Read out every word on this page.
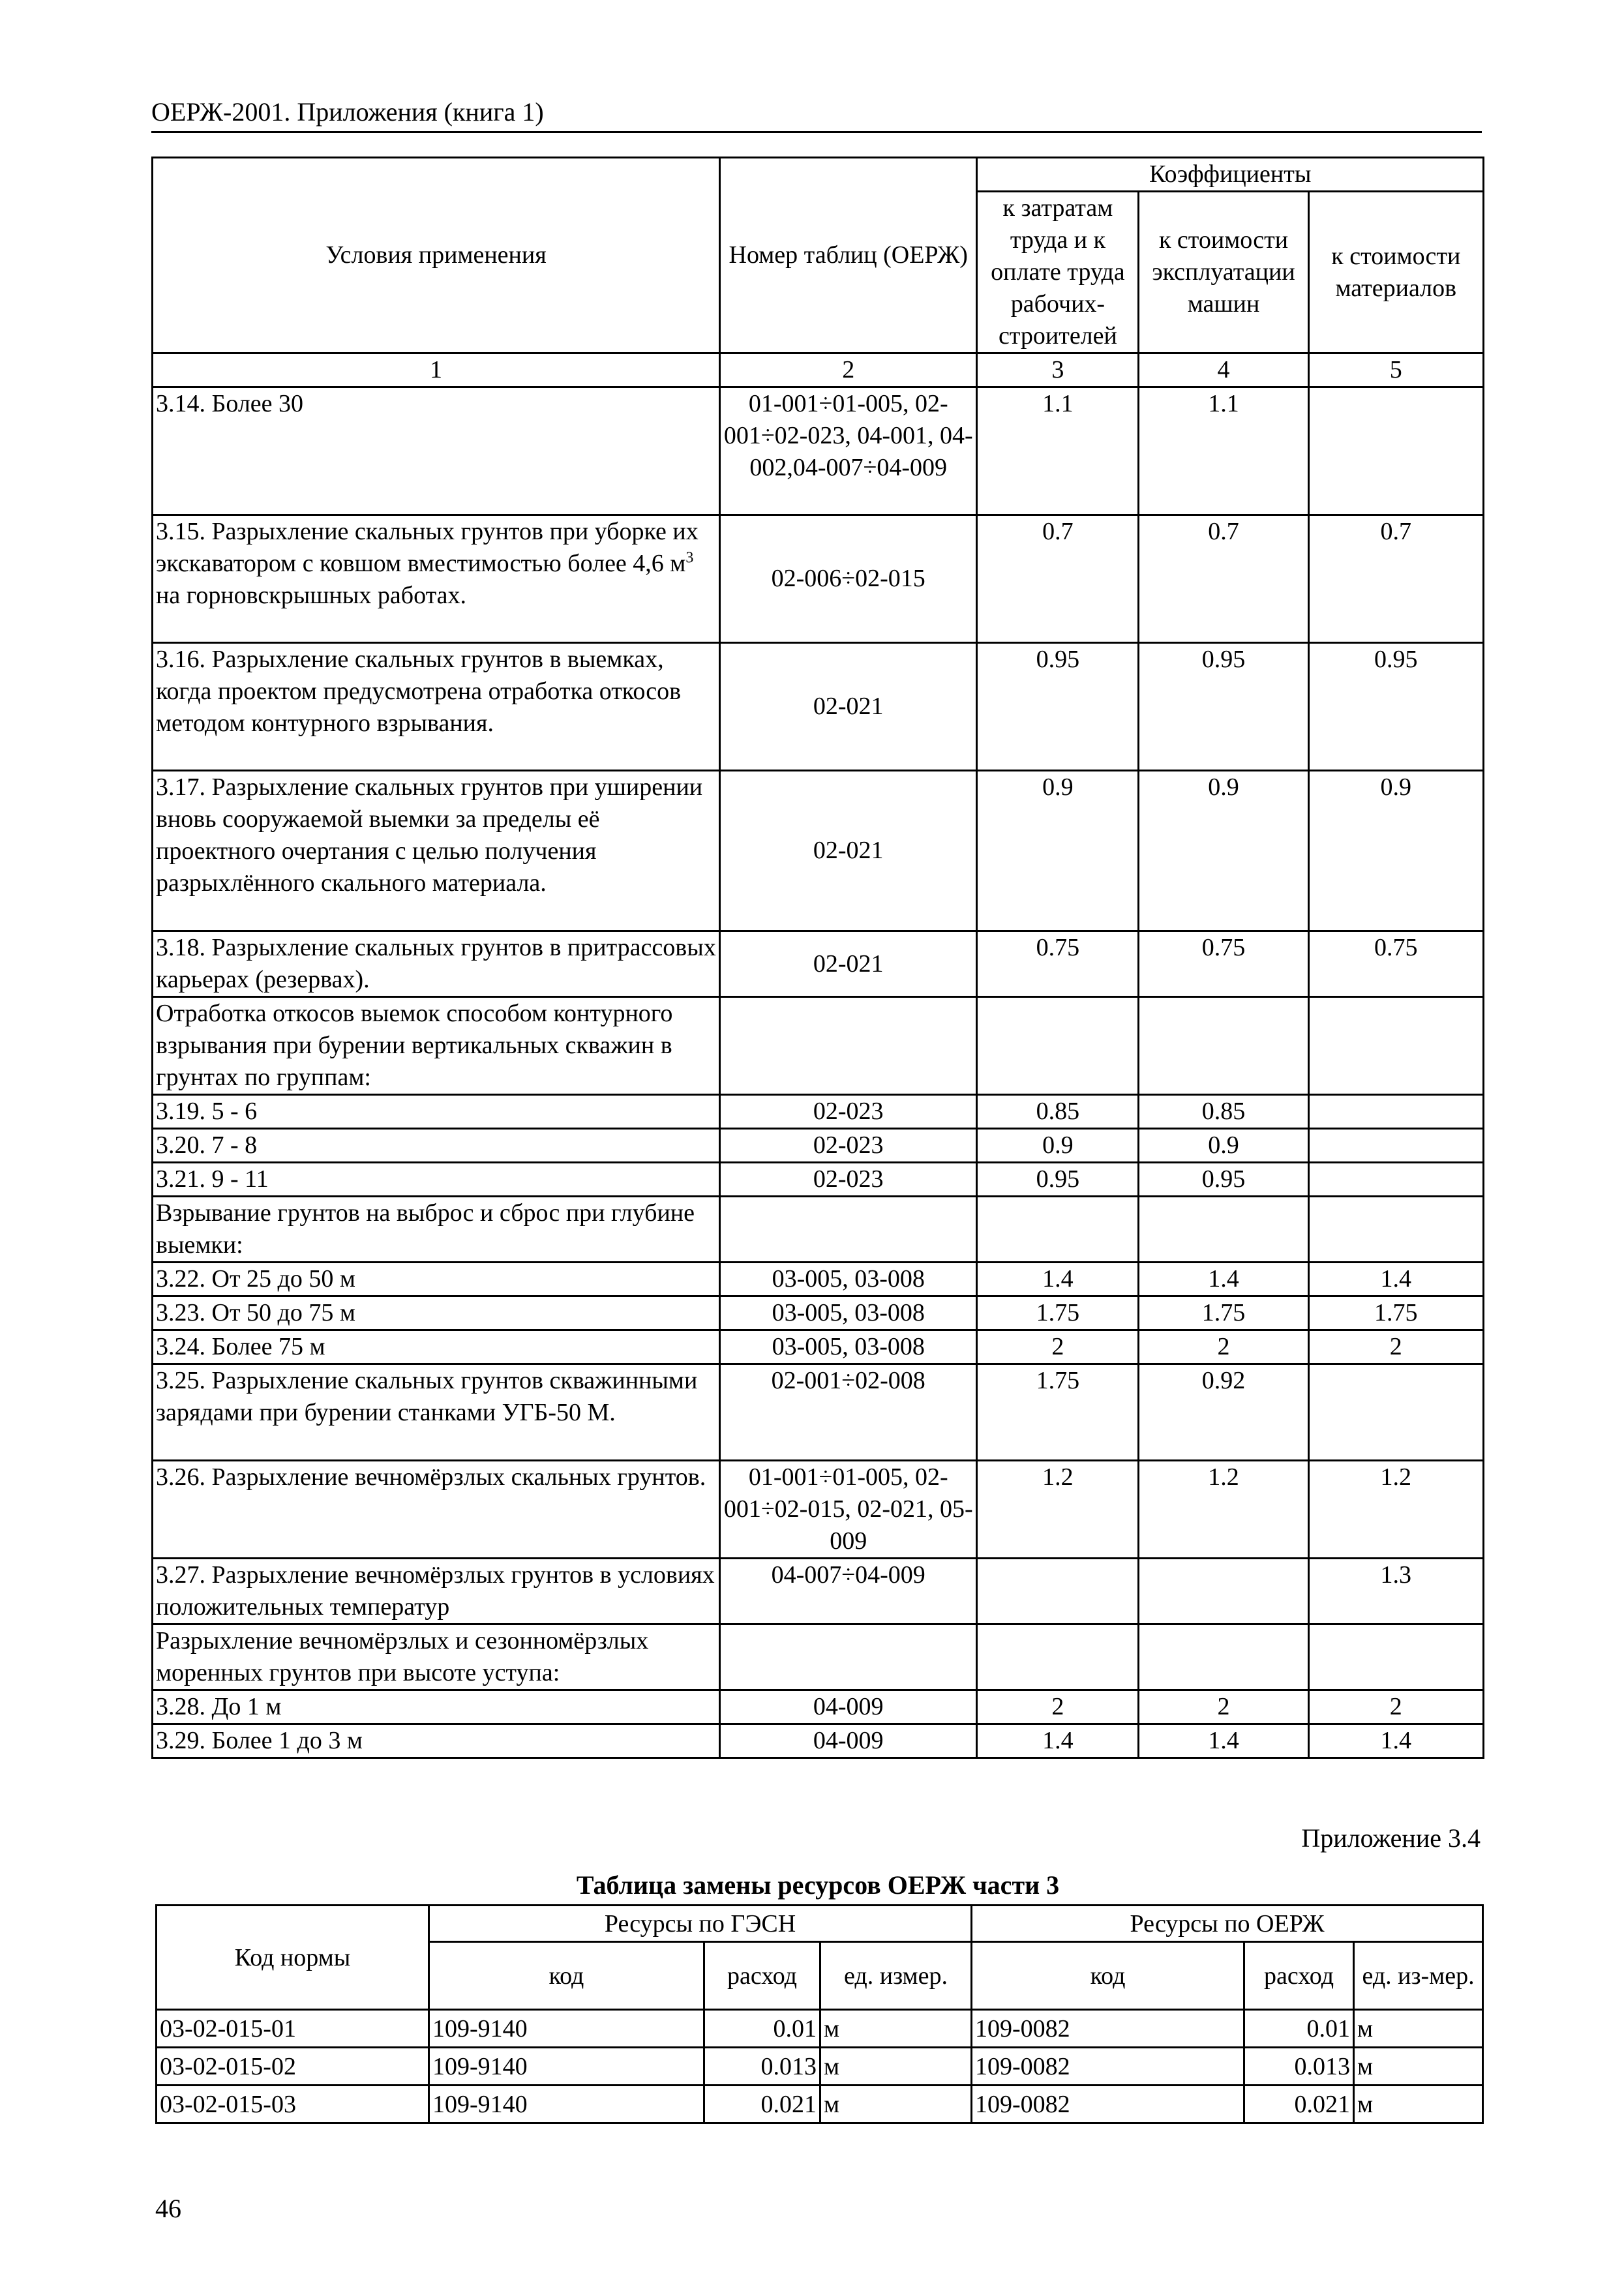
ОЕРЖ-2001. Приложения (книга 1)
Условия применения	Номер таблиц (ОЕРЖ)	Коэффициенты		
		к затратам труда и к оплате труда рабочих-строителей	к стоимости эксплуатации машин	к стоимости материалов
1	2	3	4	5
3.14. Более 30	01-001÷01-005, 02-001÷02-023, 04-001, 04-002,04-007÷04-009	1.1	1.1	
3.15. Разрыхление скальных грунтов при уборке их экскаватором с ковшом вместимостью более 4,6 $м^3$ на горновскрышных работах.	02-006÷02-015	0.7	0.7	0.7
3.16. Разрыхление скальных грунтов в выемках, когда проектом предусмотрена отработка откосов методом контурного взрывания.	02-021	0.95	0.95	0.95
3.17. Разрыхление скальных грунтов при уширении вновь сооружаемой выемки за пределы её проектного очертания с целью получения разрыхлённого скального материала.	02-021	0.9	0.9	0.9
3.18. Разрыхление скальных грунтов в притрассовых карьерах (резервах).	02-021	0.75	0.75	0.75
Отработка откосов выемок способом контурного взрывания при бурении вертикальных скважин в грунтах по группам:				
3.19. 5 - 6	02-023	0.85	0.85	
3.20. 7 - 8	02-023	0.9	0.9	
3.21. 9 - 11	02-023	0.95	0.95	
Взрывание грунтов на выброс и сброс при глубине выемки:				
3.22. От 25 до 50 м	03-005, 03-008	1.4	1.4	1.4
3.23. От 50 до 75 м	03-005, 03-008	1.75	1.75	1.75
3.24. Более 75 м	03-005, 03-008	2	2	2
3.25. Разрыхление скальных грунтов скважинными зарядами при бурении станками УГБ-50 М.	02-001÷02-008	1.75	0.92	
3.26. Разрыхление вечномёрзлых скальных грунтов.	01-001÷01-005, 02-001÷02-015, 02-021, 05-009	1.2	1.2	1.2
3.27. Разрыхление вечномёрзлых грунтов в условиях положительных температур	04-007÷04-009			1.3
Разрыхление вечномёрзлых и сезонномёрзлых моренных грунтов при высоте уступа:				
3.28. До 1 м	04-009	2	2	2
3.29. Более 1 до 3 м	04-009	1.4	1.4	1.4
Приложение 3.4
Таблица замены ресурсов ОЕРЖ части 3
Код нормы	Ресурсы по ГЭСН			Ресурсы по ОЕРЖ		
	код	расход	ед. измер.	код	расход	ед. из-мер.
03-02-015-01	109-9140	0.01	м	109-0082	0.01	м
03-02-015-02	109-9140	0.013	м	109-0082	0.013	м
03-02-015-03	109-9140	0.021	м	109-0082	0.021	м
46
